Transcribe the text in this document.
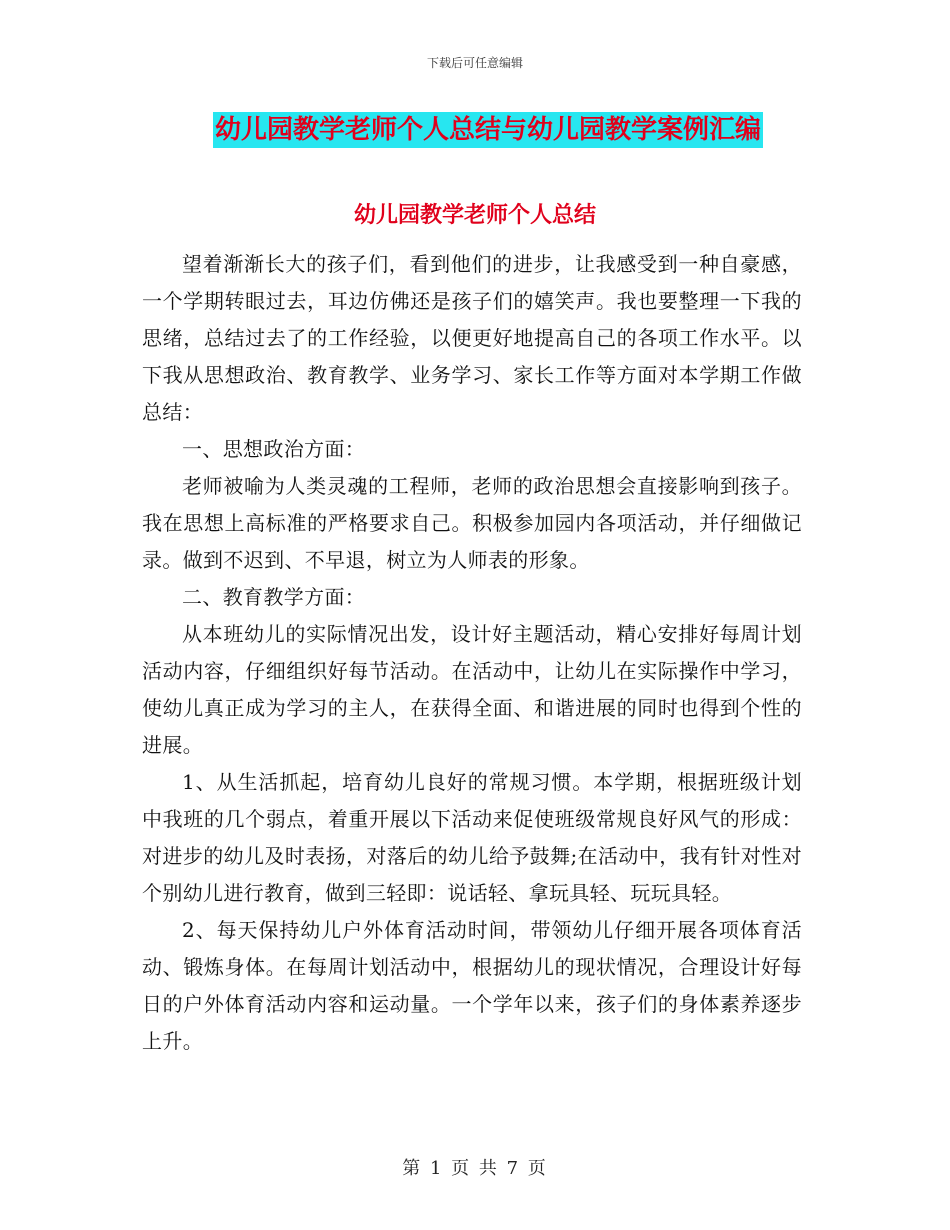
下载后可任意编辑
幼儿园教学老师个人总结与幼儿园教学案例汇编
幼儿园教学老师个人总结

望着渐渐长大的孩子们，看到他们的进步，让我感受到一种自豪感，一个学期转眼过去，耳边仿佛还是孩子们的嬉笑声。我也要整理一下我的思绪，总结过去了的工作经验，以便更好地提高自己的各项工作水平。以下我从思想政治、教育教学、业务学习、家长工作等方面对本学期工作做总结：

一、思想政治方面：

老师被喻为人类灵魂的工程师，老师的政治思想会直接影响到孩子。我在思想上高标准的严格要求自己。积极参加园内各项活动，并仔细做记录。做到不迟到、不早退，树立为人师表的形象。

二、教育教学方面：

从本班幼儿的实际情况出发，设计好主题活动，精心安排好每周计划活动内容，仔细组织好每节活动。在活动中，让幼儿在实际操作中学习，使幼儿真正成为学习的主人，在获得全面、和谐进展的同时也得到个性的进展。

1、从生活抓起，培育幼儿良好的常规习惯。本学期，根据班级计划中我班的几个弱点，着重开展以下活动来促使班级常规良好风气的形成：对进步的幼儿及时表扬，对落后的幼儿给予鼓舞;在活动中，我有针对性对个别幼儿进行教育，做到三轻即：说话轻、拿玩具轻、玩玩具轻。

2、每天保持幼儿户外体育活动时间，带领幼儿仔细开展各项体育活动、锻炼身体。在每周计划活动中，根据幼儿的现状情况，合理设计好每日的户外体育活动内容和运动量。一个学年以来，孩子们的身体素养逐步上升。

第 1 页 共 7 页
